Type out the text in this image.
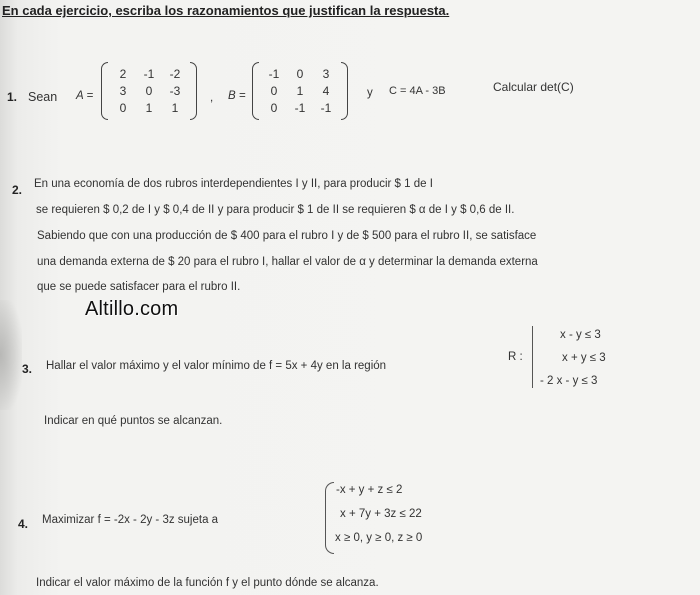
En cada ejercicio, escriba los razonamientos que justifican la respuesta.
1. Sean A =
2	-1	-2
3	0	-3
0	1	1
, B =
-1	0	3
0	1	4
0	-1	-1
y C = 4A - 3B	Calcular det(C)
2. En una economía de dos rubros interdependientes I y II, para producir $ 1 de I
se requieren $ 0,2 de I y $ 0,4 de II y para producir $ 1 de II se requieren $ α de I y $ 0,6 de II.
Sabiendo que con una producción de $ 400 para el rubro I y de $ 500 para el rubro II, se satisface
una demanda externa de $ 20 para el rubro I, hallar el valor de α y determinar la demanda externa
que se puede satisfacer para el rubro II.
Altillo.com
3. Hallar el valor máximo y el valor mínimo de f = 5x + 4y en la región
R :
x - y ≤ 3
x + y ≤ 3
- 2 x - y ≤ 3
Indicar en qué puntos se alcanzan.
4. Maximizar f = -2x - 2y - 3z sujeta a
-x + y + z ≤ 2
x + 7y + 3z ≤ 22
x ≥ 0, y ≥ 0, z ≥ 0
Indicar el valor máximo de la función f y el punto dónde se alcanza.
